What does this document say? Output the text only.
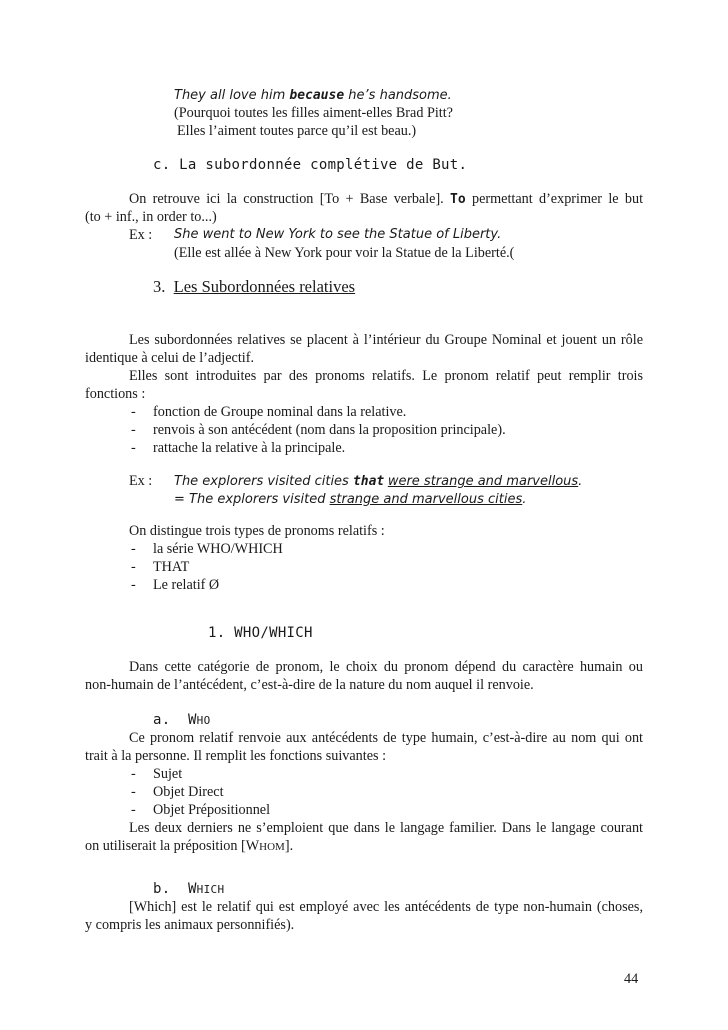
They all love him because he’s handsome.
(Pourquoi toutes les filles aiment-elles Brad Pitt?
Elles l’aiment toutes parce qu’il est beau.)
c. La subordonnée complétive de But.
On retrouve ici la construction [To + Base verbale]. To permettant d’exprimer le but
(to + inf., in order to...)
Ex : She went to New York to see the Statue of Liberty.
(Elle est allée à New York pour voir la Statue de la Liberté.(
3. Les Subordonnées relatives
Les subordonnées relatives se placent à l’intérieur du Groupe Nominal et jouent un rôle
identique à celui de l’adjectif.
Elles sont introduites par des pronoms relatifs. Le pronom relatif peut remplir trois
fonctions :
- fonction de Groupe nominal dans la relative.
- renvois à son antécédent (nom dans la proposition principale).
- rattache la relative à la principale.
Ex : The explorers visited cities that were strange and marvellous.
= The explorers visited strange and marvellous cities.
On distingue trois types de pronoms relatifs :
- la série WHO/WHICH
- THAT
- Le relatif Ø
1. WHO/WHICH
Dans cette catégorie de pronom, le choix du pronom dépend du caractère humain ou
non-humain de l’antécédent, c’est-à-dire de la nature du nom auquel il renvoie.
a. WHO
Ce pronom relatif renvoie aux antécédents de type humain, c’est-à-dire au nom qui ont
trait à la personne. Il remplit les fonctions suivantes :
- Sujet
- Objet Direct
- Objet Prépositionnel
Les deux derniers ne s’emploient que dans le langage familier. Dans le langage courant
on utiliserait la préposition [WHOM].
b. WHICH
[Which] est le relatif qui est employé avec les antécédents de type non-humain (choses,
y compris les animaux personnifiés).
44
